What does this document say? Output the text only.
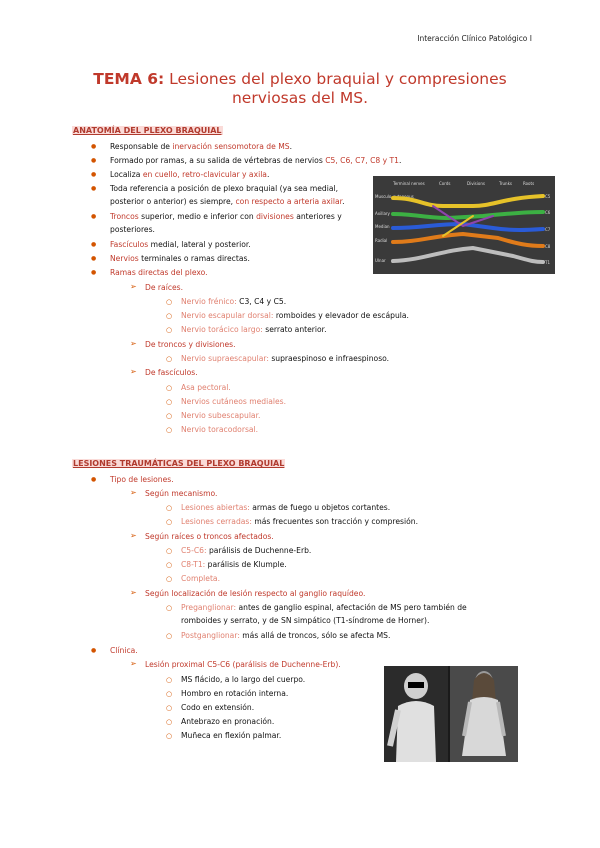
Interacción Clínico Patológico I
TEMA 6: Lesiones del plexo braquial y compresiones nerviosas del MS.
ANATOMÍA DEL PLEXO BRAQUIAL
● Responsable de inervación sensomotora de MS.
● Formado por ramas, a su salida de vértebras de nervios C5, C6, C7, C8 y T1.
● Localiza en cuello, retro-clavicular y axila.
● Toda referencia a posición de plexo braquial (ya sea medial,
posterior o anterior) es siempre, con respecto a arteria axilar.
● Troncos superior, medio e inferior con divisiones anteriores y
posteriores.
● Fascículos medial, lateral y posterior.
● Nervios terminales o ramas directas.
● Ramas directas del plexo.
➢ De raíces.
○ Nervio frénico: C3, C4 y C5.
○ Nervio escapular dorsal: romboides y elevador de escápula.
○ Nervio torácico largo: serrato anterior.
➢ De troncos y divisiones.
○ Nervio supraescapular: supraespinoso e infraespinoso.
➢ De fascículos.
○ Asa pectoral.
○ Nervios cutáneos mediales.
○ Nervio subescapular.
○ Nervio toracodorsal.
Terminal nerves	Cords	Divisions	Trunks	Roots
Musculo-cutaneous
Axillary
Median
Radial
Ulnar
C5
C6
C7
C8
T1
LESIONES TRAUMÁTICAS DEL PLEXO BRAQUIAL
● Tipo de lesiones.
➢ Según mecanismo.
○ Lesiones abiertas: armas de fuego u objetos cortantes.
○ Lesiones cerradas: más frecuentes son tracción y compresión.
➢ Según raíces o troncos afectados.
○ C5-C6: parálisis de Duchenne-Erb.
○ C8-T1: parálisis de Klumple.
○ Completa.
➢ Según localización de lesión respecto al ganglio raquídeo.
○ Preganglionar: antes de ganglio espinal, afectación de MS pero también de
romboides y serrato, y de SN simpático (T1-síndrome de Horner).
○ Postganglionar: más allá de troncos, sólo se afecta MS.
● Clínica.
➢ Lesión proximal C5-C6 (parálisis de Duchenne-Erb).
○ MS flácido, a lo largo del cuerpo.
○ Hombro en rotación interna.
○ Codo en extensión.
○ Antebrazo en pronación.
○ Muñeca en flexión palmar.
